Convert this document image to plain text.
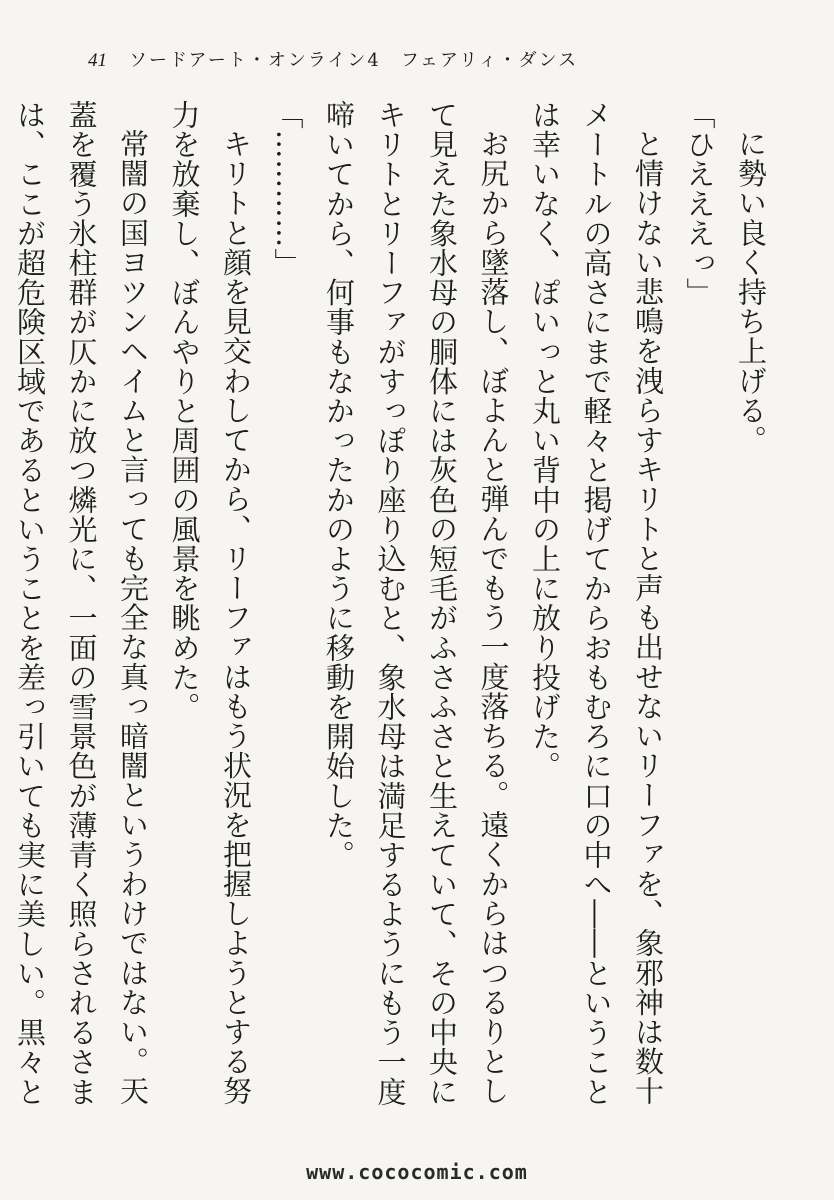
41 ソードアート・オンライン4　フェアリィ・ダンス

に勢い良く持ち上げる。

「ひえええっ」

と情けない悲鳴を洩らすキリトと声も出せないリーファを、象邪神は数十メートルの高さにまで軽々と掲げてからおもむろに口の中へ――ということは幸いなく、ぽいっと丸い背中の上に放り投げた。

お尻から墜落し、ぼよんと弾んでもう一度落ちる。遠くからはつるりとして見えた象水母の胴体には灰色の短毛がふさふさと生えていて、その中央にキリトとリーファがすっぽり座り込むと、象水母は満足するようにもう一度啼いてから、何事もなかったかのように移動を開始した。

「…………」

キリトと顔を見交わしてから、リーファはもう状況を把握しようとする努力を放棄し、ぼんやりと周囲の風景を眺めた。

常闇の国ヨツンヘイムと言っても完全な真っ暗闇というわけではない。天蓋を覆う氷柱群が仄かに放つ燐光に、一面の雪景色が薄青く照らされるさまは、ここが超危険区域であるということを差っ引いても実に美しい。黒々と

www.cococomic.com
